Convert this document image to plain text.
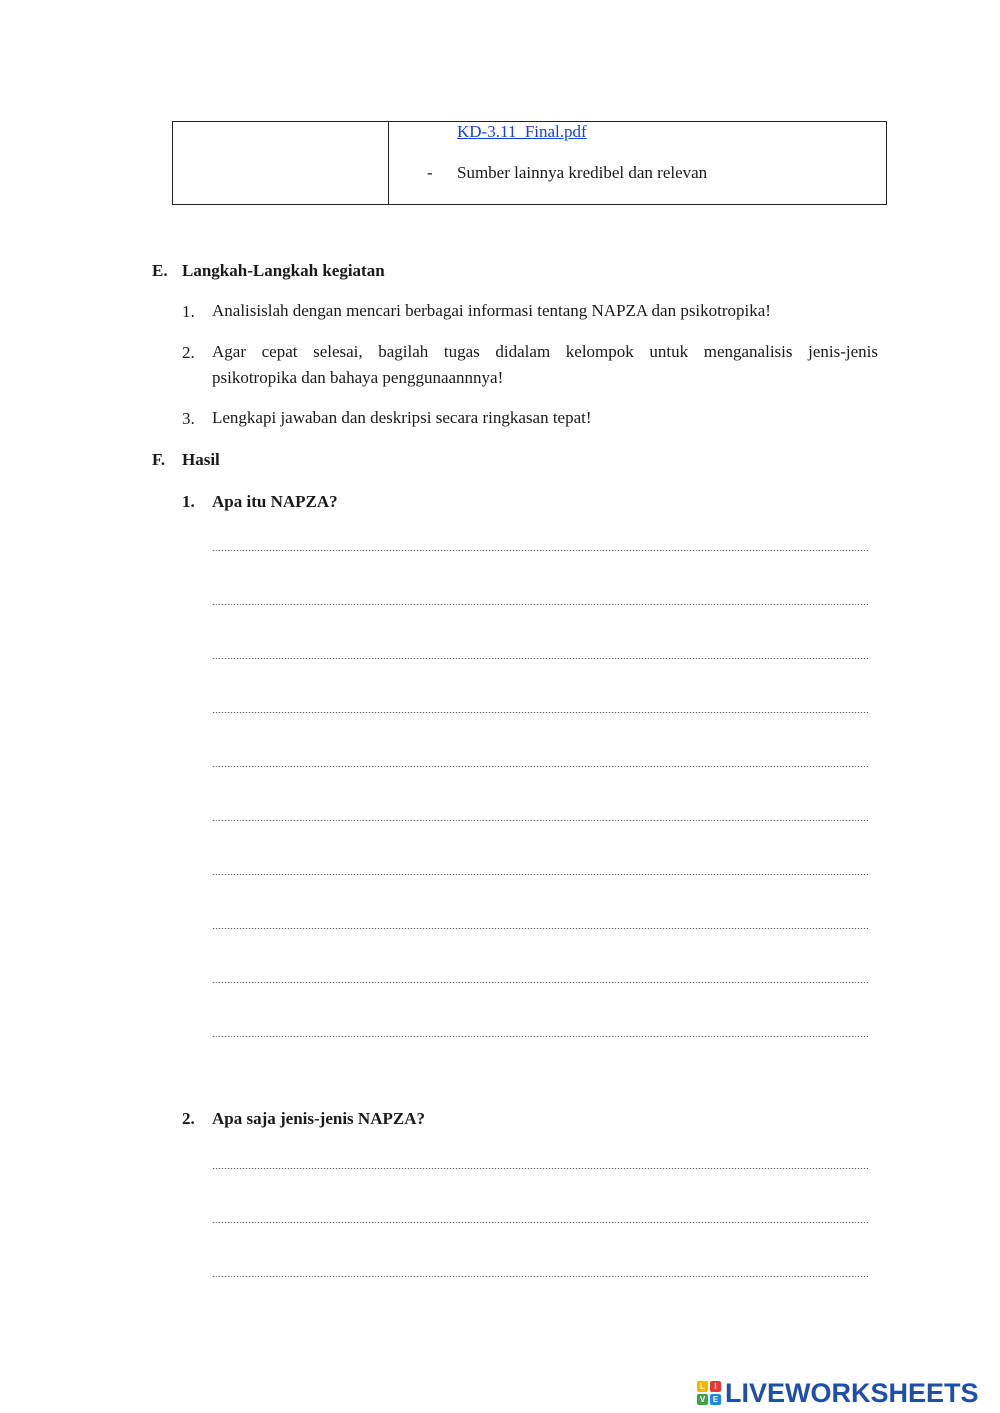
KD-3.11_Final.pdf
- Sumber lainnya kredibel dan relevan
E. Langkah-Langkah kegiatan
1. Analisislah dengan mencari berbagai informasi tentang NAPZA dan psikotropika!
2. Agar cepat selesai, bagilah tugas didalam kelompok untuk menganalisis jenis-jenis
psikotropika dan bahaya penggunaannnya!
3. Lengkapi jawaban dan deskripsi secara ringkasan tepat!
F. Hasil
1. Apa itu NAPZA?
2. Apa saja jenis-jenis NAPZA?
L	I
V E LIVEWORKSHEETS
